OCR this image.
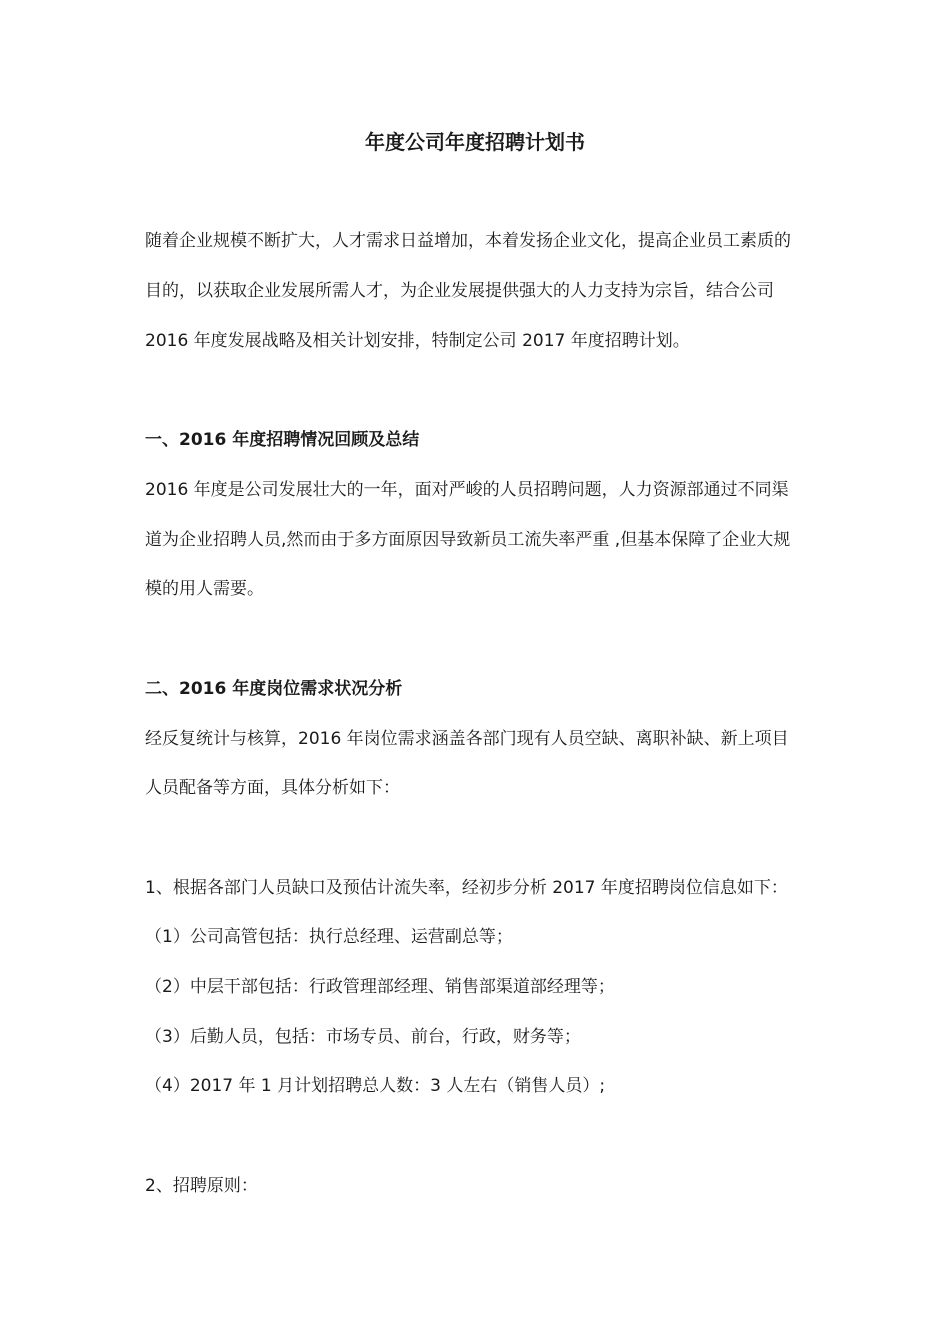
年度公司年度招聘计划书
随着企业规模不断扩大，人才需求日益增加，本着发扬企业文化，提高企业员工素质的
目的，以获取企业发展所需人才，为企业发展提供强大的人力支持为宗旨，结合公司
2016 年度发展战略及相关计划安排，特制定公司 2017 年度招聘计划。
一、2016 年度招聘情况回顾及总结
2016 年度是公司发展壮大的一年，面对严峻的人员招聘问题，人力资源部通过不同渠
道为企业招聘人员,然而由于多方面原因导致新员工流失率严重 ,但基本保障了企业大规
模的用人需要。
二、2016 年度岗位需求状况分析
经反复统计与核算，2016 年岗位需求涵盖各部门现有人员空缺、离职补缺、新上项目
人员配备等方面，具体分析如下：
1、根据各部门人员缺口及预估计流失率，经初步分析 2017 年度招聘岗位信息如下：
（1）公司高管包括：执行总经理、运营副总等；
（2）中层干部包括：行政管理部经理、销售部渠道部经理等；
（3）后勤人员，包括：市场专员、前台，行政，财务等；
（4）2017 年 1 月计划招聘总人数：3 人左右（销售人员）;
2、招聘原则：
